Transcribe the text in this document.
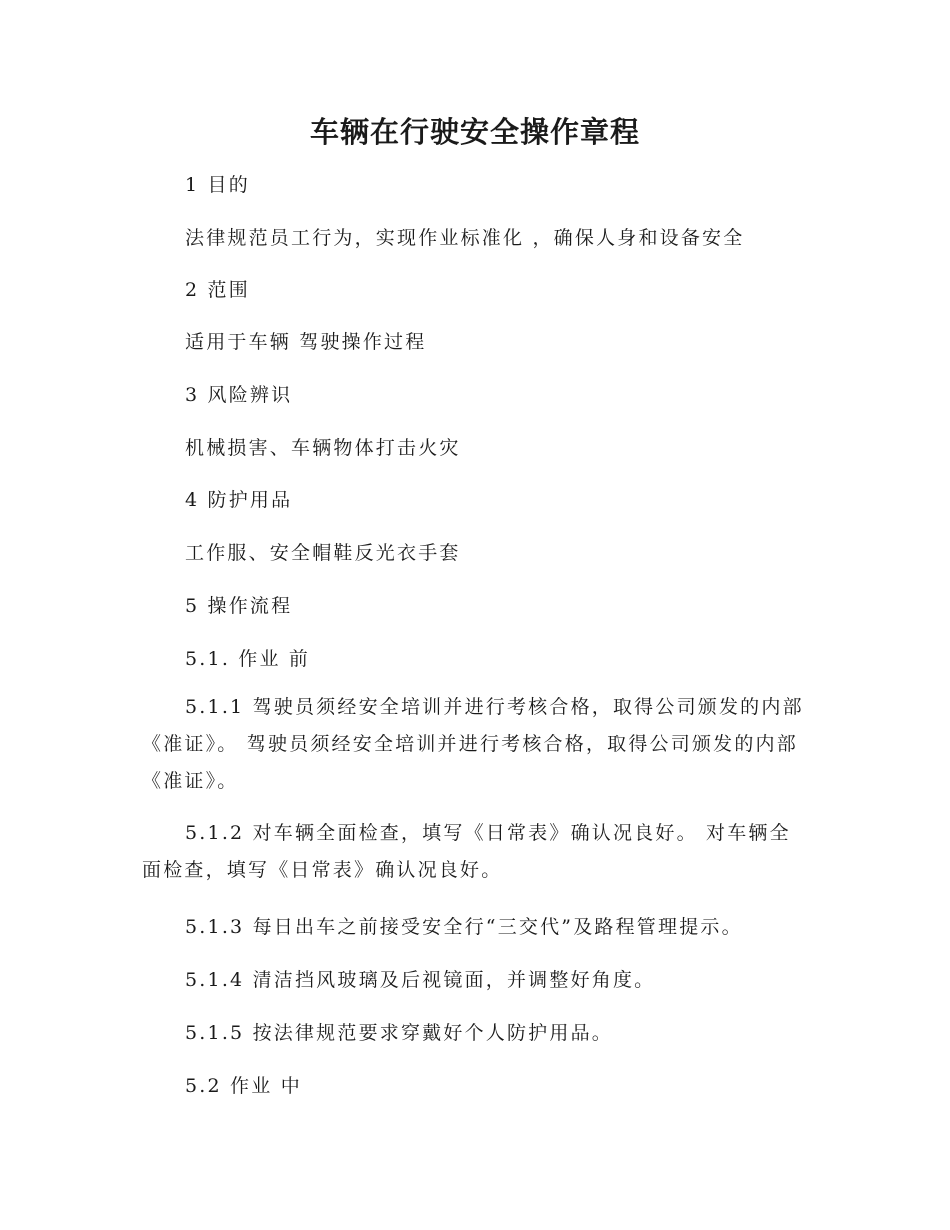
车辆在行驶安全操作章程

1 目的

法律规范员工行为，实现作业标准化 ，确保人身和设备安全

2 范围

适用于车辆 驾驶操作过程

3 风险辨识

机械损害、车辆物体打击火灾

4 防护用品

工作服、安全帽鞋反光衣手套

5 操作流程

5.1. 作业 前

5.1.1 驾驶员须经安全培训并进行考核合格，取得公司颁发的内部《准证》。 驾驶员须经安全培训并进行考核合格，取得公司颁发的内部《准证》。

5.1.2 对车辆全面检查，填写《日常表》确认况良好。 对车辆全面检查，填写《日常表》确认况良好。

5.1.3 每日出车之前接受安全行“三交代”及路程管理提示。

5.1.4 清洁挡风玻璃及后视镜面，并调整好角度。

5.1.5 按法律规范要求穿戴好个人防护用品。

5.2 作业 中
